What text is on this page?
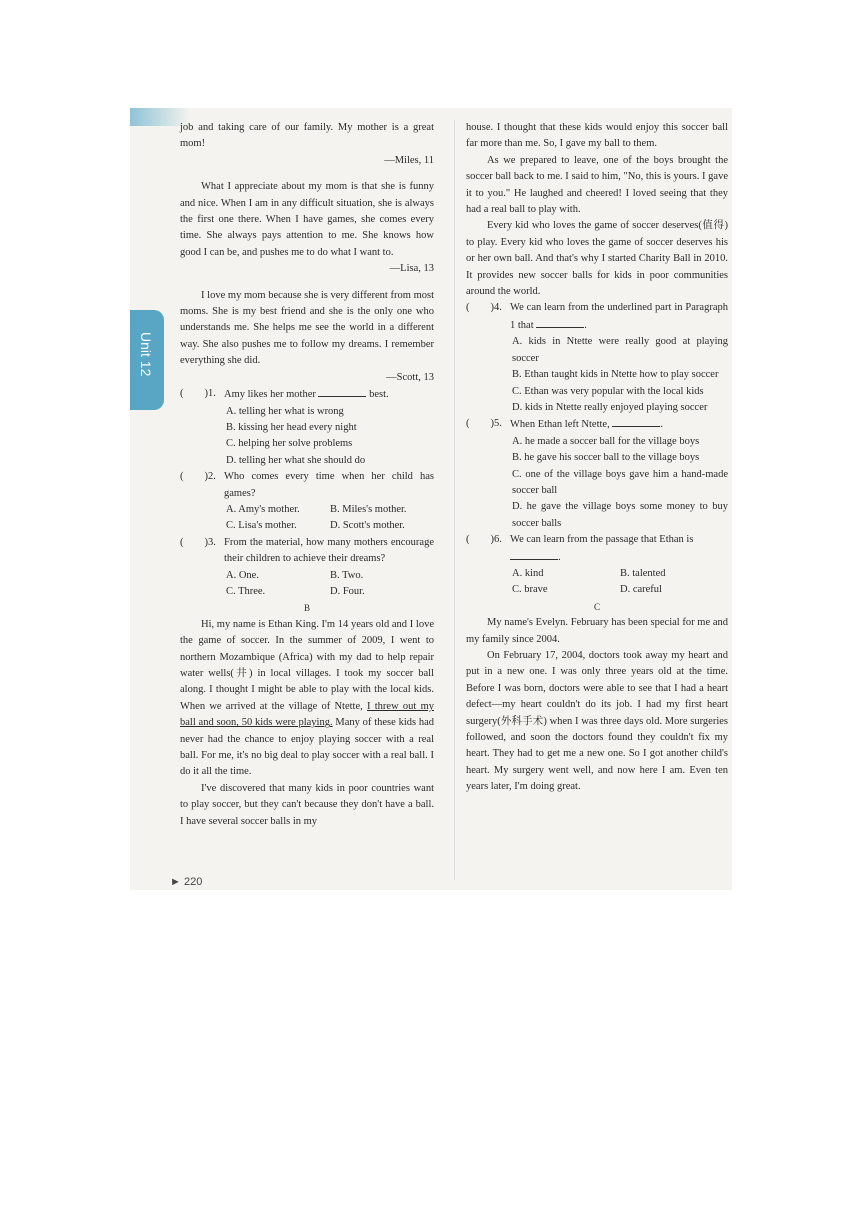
Unit 12

job and taking care of our family. My mother is a great mom!

—Miles, 11

What I appreciate about my mom is that she is funny and nice. When I am in any difficult situation, she is always the first one there. When I have games, she comes every time. She always pays attention to me. She knows how good I can be, and pushes me to do what I want to.

—Lisa, 13

I love my mom because she is very different from most moms. She is my best friend and she is the only one who understands me. She helps me see the world in a different way. She also pushes me to follow my dreams. I remember everything she did.

—Scott, 13

(        )1. Amy likes her mother	best.

A. telling her what is wrong

B. kissing her head every night

C. helping her solve problems

D. telling her what she should do

(        )2. Who comes every time when her child has games?

A. Amy's mother.	B. Miles's mother.
C. Lisa's mother.	D. Scott's mother.

(        )3. From the material, how many mothers encourage their children to achieve their dreams?

A. One.	B. Two.
C. Three.	D. Four.

B

Hi, my name is Ethan King. I'm 14 years old and I love the game of soccer. In the summer of 2009, I went to northern Mozambique (Africa) with my dad to help repair water wells(井) in local villages. I took my soccer ball along. I thought I might be able to play with the local kids. When we arrived at the village of Ntette, I threw out my ball and soon, 50 kids were playing. Many of these kids had never had the chance to enjoy playing soccer with a real ball. For me, it's no big deal to play soccer with a real ball. I do it all the time.

I've discovered that many kids in poor countries want to play soccer, but they can't because they don't have a ball. I have several soccer balls in my

house. I thought that these kids would enjoy this soccer ball far more than me. So, I gave my ball to them.

As we prepared to leave, one of the boys brought the soccer ball back to me. I said to him, "No, this is yours. I gave it to you." He laughed and cheered! I loved seeing that they had a real ball to play with.

Every kid who loves the game of soccer deserves(值得) to play. Every kid who loves the game of soccer deserves his or her own ball. And that's why I started Charity Ball in 2010. It provides new soccer balls for kids in poor communities around the world.

(        )4. We can learn from the underlined part in Paragraph 1 that	.

A. kids in Ntette were really good at playing soccer

B. Ethan taught kids in Ntette how to play soccer

C. Ethan was very popular with the local kids

D. kids in Ntette really enjoyed playing soccer

(        )5. When Ethan left Ntette,	.

A. he made a soccer ball for the village boys

B. he gave his soccer ball to the village boys

C. one of the village boys gave him a hand-made soccer ball

D. he gave the village boys some money to buy soccer balls

(        )6. We can learn from the passage that Ethan is
.

A. kind	B. talented
C. brave	D. careful

C

My name's Evelyn. February has been special for me and my family since 2004.

On February 17, 2004, doctors took away my heart and put in a new one. I was only three years old at the time. Before I was born, doctors were able to see that I had a heart defect—my heart couldn't do its job. I had my first heart surgery(外科手术) when I was three days old. More surgeries followed, and soon the doctors found they couldn't fix my heart. They had to get me a new one. So I got another child's heart. My surgery went well, and now here I am. Even ten years later, I'm doing great.

► 220
